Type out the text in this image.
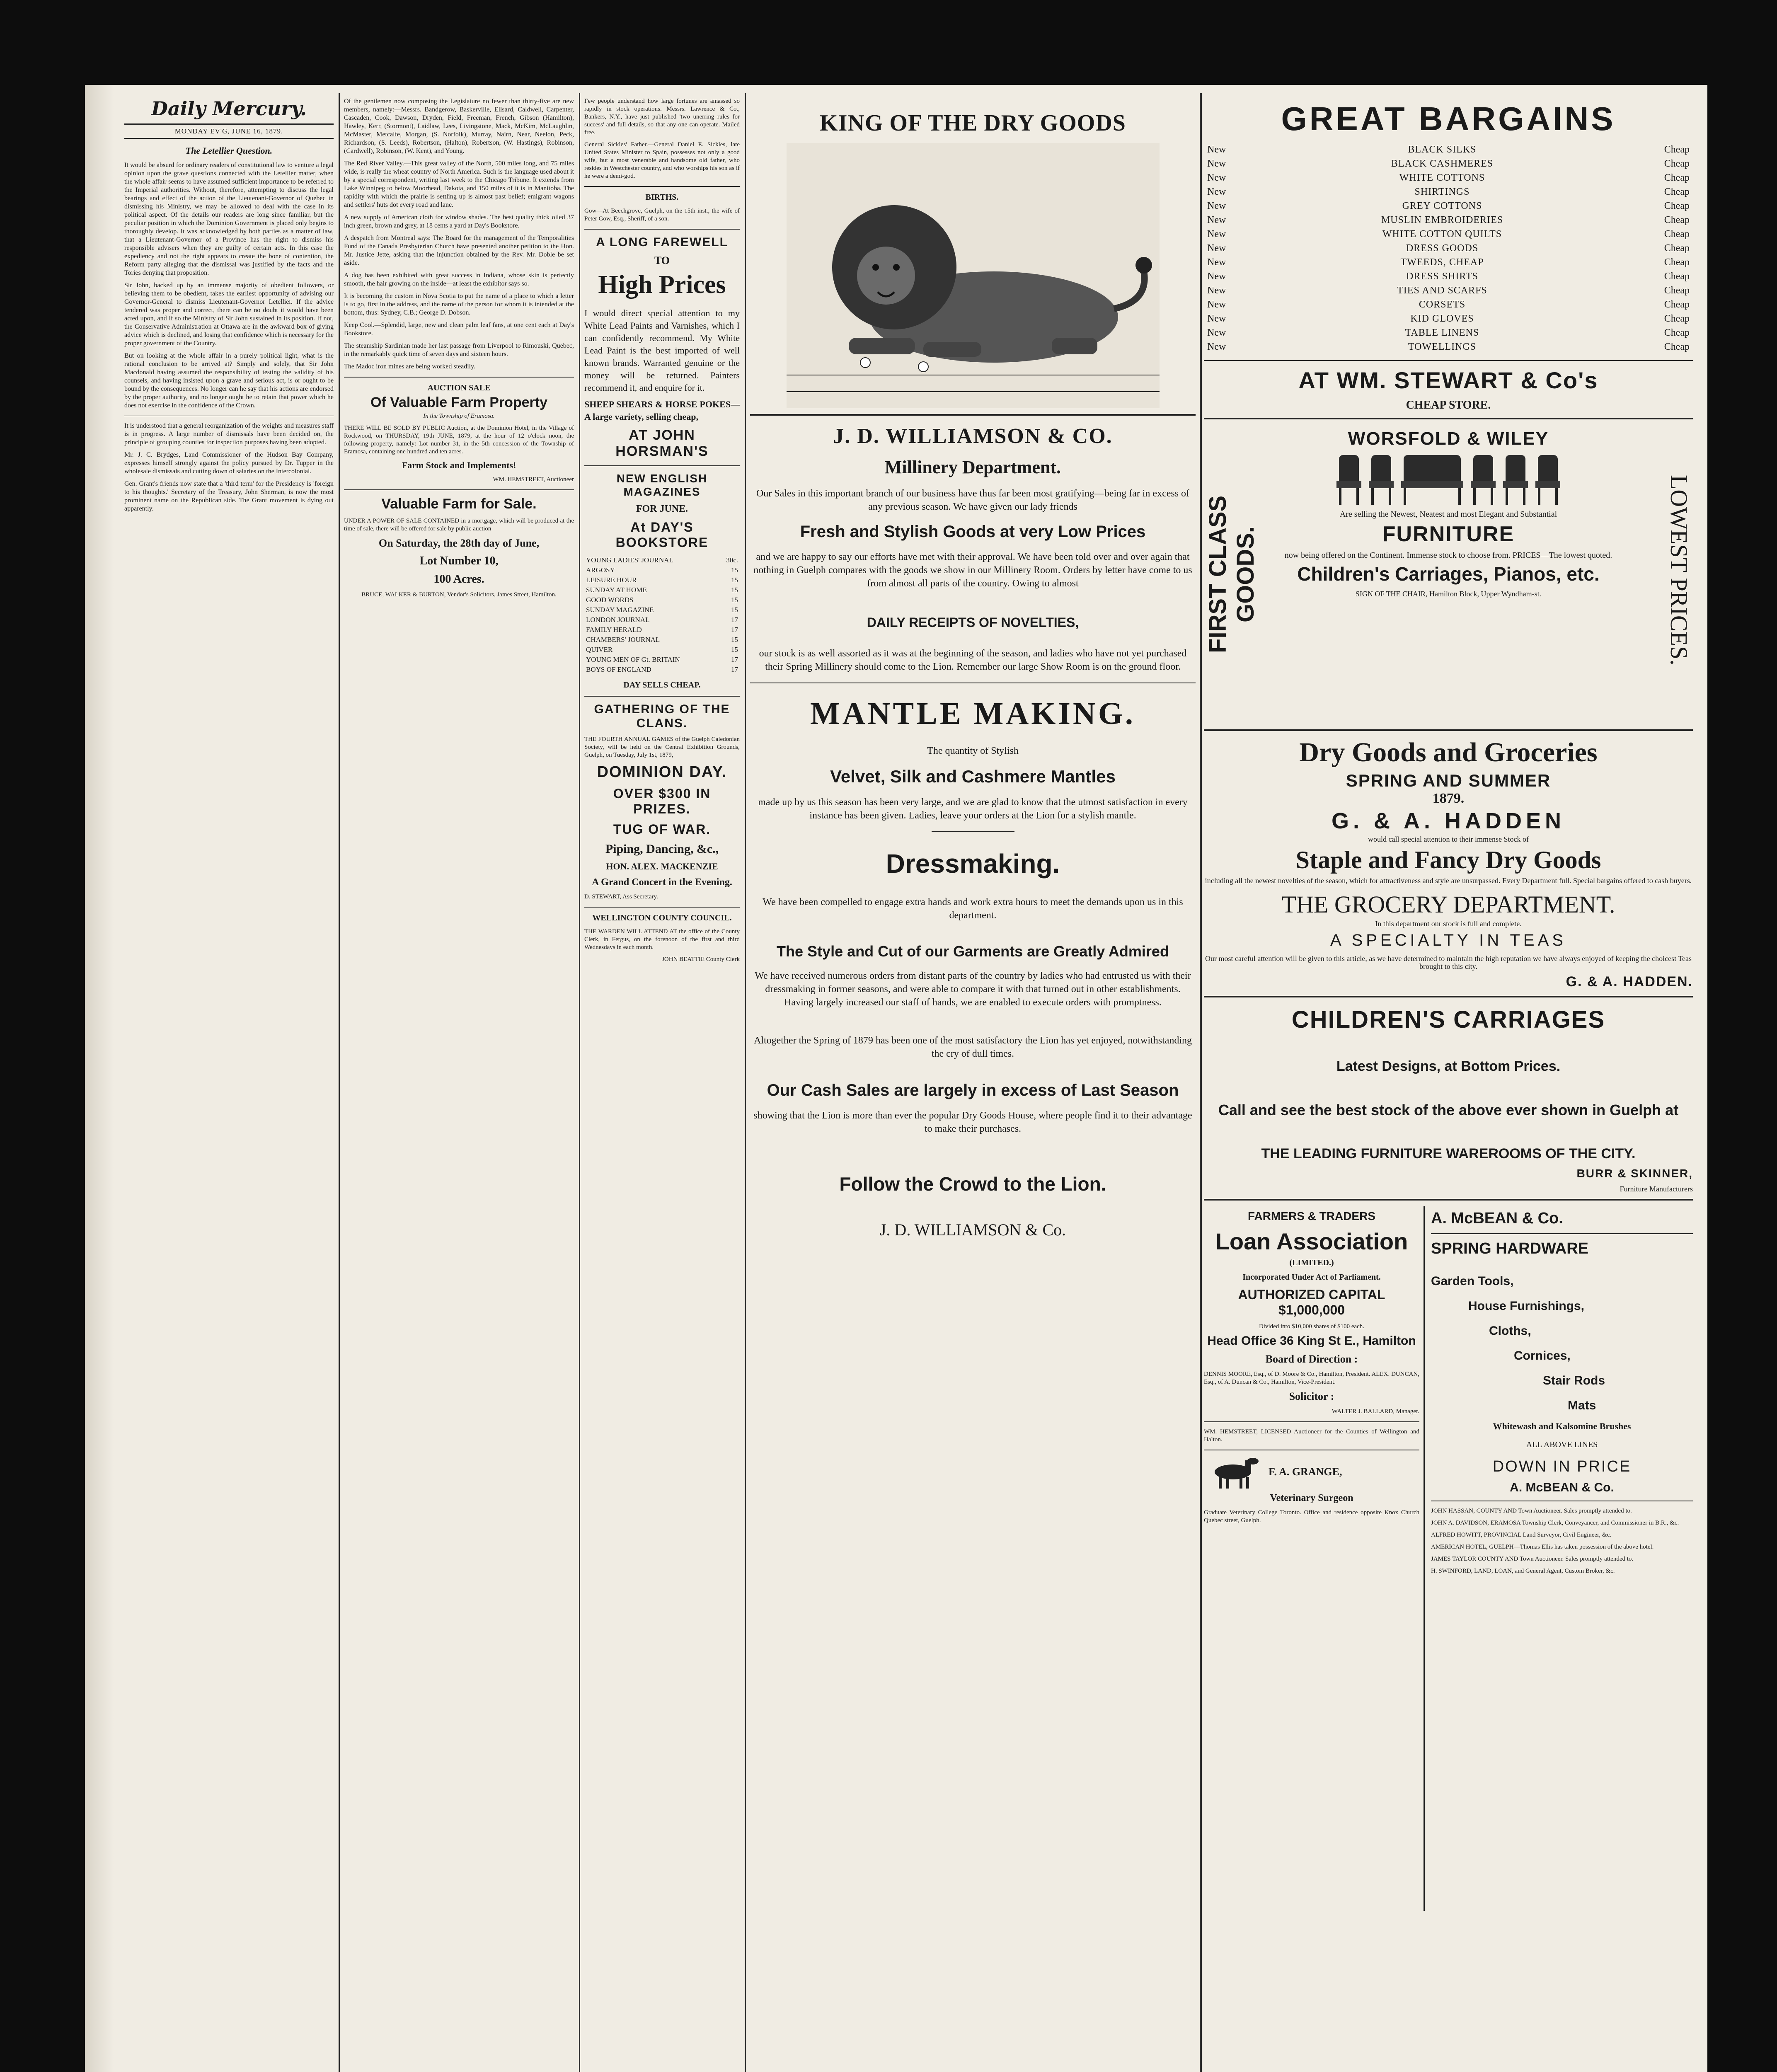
Daily Mercury.
MONDAY EV'G, JUNE 16, 1879.
The Letellier Question.

It would be absurd for ordinary readers of constitutional law to venture a legal opinion upon the grave questions connected with the Letellier matter, when the whole affair seems to have assumed sufficient importance to be referred to the Imperial authorities. Without, therefore, attempting to discuss the legal bearings and effect of the action of the Lieutenant-Governor of Quebec in dismissing his Ministry, we may be allowed to deal with the case in its political aspect. Of the details our readers are long since familiar, but the peculiar position in which the Dominion Government is placed only begins to thoroughly develop. It was acknowledged by both parties as a matter of law, that a Lieutenant-Governor of a Province has the right to dismiss his responsible advisers when they are guilty of certain acts. In this case the expediency and not the right appears to create the bone of contention, the Reform party alleging that the dismissal was justified by the facts and the Tories denying that proposition.

Sir John, backed up by an immense majority of obedient followers, or believing them to be obedient, takes the earliest opportunity of advising our Governor-General to dismiss Lieutenant-Governor Letellier. If the advice tendered was proper and correct, there can be no doubt it would have been acted upon, and if so the Ministry of Sir John sustained in its position. If not, the Conservative Administration at Ottawa are in the awkward box of giving advice which is declined, and losing that confidence which is necessary for the proper government of the Country.

But on looking at the whole affair in a purely political light, what is the rational conclusion to be arrived at? Simply and solely, that Sir John Macdonald having assumed the responsibility of testing the validity of his counsels, and having insisted upon a grave and serious act, is or ought to be bound by the consequences. No longer can he say that his actions are endorsed by the proper authority, and no longer ought he to retain that power which he does not exercise in the confidence of the Crown.

It is understood that a general reorganization of the weights and measures staff is in progress. A large number of dismissals have been decided on, the principle of grouping counties for inspection purposes having been adopted.

Mr. J. C. Brydges, Land Commissioner of the Hudson Bay Company, expresses himself strongly against the policy pursued by Dr. Tupper in the wholesale dismissals and cutting down of salaries on the Intercolonial.

Gen. Grant's friends now state that a 'third term' for the Presidency is 'foreign to his thoughts.' Secretary of the Treasury, John Sherman, is now the most prominent name on the Republican side. The Grant movement is dying out apparently.

Of the gentlemen now composing the Legislature no fewer than thirty-five are new members, namely:—Messrs. Bandgerow, Baskerville, Ellsard, Caldwell, Carpenter, Cascaden, Cook, Dawson, Dryden, Field, Freeman, French, Gibson (Hamilton), Hawley, Kerr, (Stormont), Laidlaw, Lees, Livingstone, Mack, McKim, McLaughlin, McMaster, Metcalfe, Morgan, (S. Norfolk), Murray, Nairn, Near, Neelon, Peck, Richardson, (S. Leeds), Robertson, (Halton), Robertson, (W. Hastings), Robinson, (Cardwell), Robinson, (W. Kent), and Young.

The Red River Valley.—This great valley of the North, 500 miles long, and 75 miles wide, is really the wheat country of North America. Such is the language used about it by a special correspondent, writing last week to the Chicago Tribune. It extends from Lake Winnipeg to below Moorhead, Dakota, and 150 miles of it is in Manitoba. The rapidity with which the prairie is settling up is almost past belief; emigrant wagons and settlers' huts dot every road and lane.

A new supply of American cloth for window shades. The best quality thick oiled 37 inch green, brown and grey, at 18 cents a yard at Day's Bookstore.

A despatch from Montreal says: The Board for the management of the Temporalities Fund of the Canada Presbyterian Church have presented another petition to the Hon. Mr. Justice Jette, asking that the injunction obtained by the Rev. Mr. Doble be set aside.

A dog has been exhibited with great success in Indiana, whose skin is perfectly smooth, the hair growing on the inside—at least the exhibitor says so.

It is becoming the custom in Nova Scotia to put the name of a place to which a letter is to go, first in the address, and the name of the person for whom it is intended at the bottom, thus: Sydney, C.B.; George D. Dobson.

Keep Cool.—Splendid, large, new and clean palm leaf fans, at one cent each at Day's Bookstore.

The steamship Sardinian made her last passage from Liverpool to Rimouski, Quebec, in the remarkably quick time of seven days and sixteen hours.

The Madoc iron mines are being worked steadily.

AUCTION SALE
Of Valuable Farm Property
In the Township of Eramosa.

THERE WILL BE SOLD BY PUBLIC Auction, at the Dominion Hotel, in the Village of Rockwood, on THURSDAY, 19th JUNE, 1879, at the hour of 12 o'clock noon, the following property, namely: Lot number 31, in the 5th concession of the Township of Eramosa, containing one hundred and ten acres.

Farm Stock and Implements!
WM. HEMSTREET, Auctioneer
Valuable Farm for Sale.

UNDER A POWER OF SALE CONTAINED in a mortgage, which will be produced at the time of sale, there will be offered for sale by public auction

On Saturday, the 28th day of June,
Lot Number 10,
100 Acres.
BRUCE, WALKER & BURTON, Vendor's Solicitors, James Street, Hamilton.

Few people understand how large fortunes are amassed so rapidly in stock operations. Messrs. Lawrence & Co., Bankers, N.Y., have just published 'two unerring rules for success' and full details, so that any one can operate. Mailed free.

General Sickles' Father.—General Daniel E. Sickles, late United States Minister to Spain, possesses not only a good wife, but a most venerable and handsome old father, who resides in Westchester country, and who worships his son as if he were a demi-god.

BIRTHS.

Gow—At Beechgrove, Guelph, on the 15th inst., the wife of Peter Gow, Esq., Sheriff, of a son.

A LONG FAREWELL
TO
High Prices

I would direct special attention to my White Lead Paints and Varnishes, which I can confidently recommend. My White Lead Paint is the best imported of well known brands. Warranted genuine or the money will be returned. Painters recommend it, and enquire for it.

SHEEP SHEARS & HORSE POKES—A large variety, selling cheap,

AT JOHN HORSMAN'S
NEW ENGLISH MAGAZINES
FOR JUNE.
At DAY'S BOOKSTORE
YOUNG LADIES' JOURNAL	30c.
ARGOSY	15
LEISURE HOUR	15
SUNDAY AT HOME	15
GOOD WORDS	15
SUNDAY MAGAZINE	15
LONDON JOURNAL	17
FAMILY HERALD	17
CHAMBERS' JOURNAL	15
QUIVER	15
YOUNG MEN OF Gt. BRITAIN	17
BOYS OF ENGLAND	17
DAY SELLS CHEAP.
GATHERING OF THE CLANS.

THE FOURTH ANNUAL GAMES of the Guelph Caledonian Society, will be held on the Central Exhibition Grounds, Guelph, on Tuesday, July 1st, 1879,

DOMINION DAY.
OVER $300 IN PRIZES.
TUG OF WAR.
Piping, Dancing, &c.,
HON. ALEX. MACKENZIE
A Grand Concert in the Evening.
D. STEWART, Ass Secretary.
WELLINGTON COUNTY COUNCIL.

THE WARDEN WILL ATTEND AT the office of the County Clerk, in Fergus, on the forenoon of the first and third Wednesdays in each month.

JOHN BEATTIE County Clerk
KING OF THE DRY GOODS
J. D. WILLIAMSON & CO.
Millinery Department.
Our Sales in this important branch of our business have thus far been most gratifying—being far in excess of any previous season. We have given our lady friends
Fresh and Stylish Goods at very Low Prices
and we are happy to say our efforts have met with their approval. We have been told over and over again that nothing in Guelph compares with the goods we show in our Millinery Room. Orders by letter have come to us from almost all parts of the country. Owing to almost
DAILY RECEIPTS OF NOVELTIES,
our stock is as well assorted as it was at the beginning of the season, and ladies who have not yet purchased their Spring Millinery should come to the Lion. Remember our large Show Room is on the ground floor.
MANTLE MAKING.
The quantity of Stylish
Velvet, Silk and Cashmere Mantles
made up by us this season has been very large, and we are glad to know that the utmost satisfaction in every instance has been given. Ladies, leave your orders at the Lion for a stylish mantle.
Dressmaking.
We have been compelled to engage extra hands and work extra hours to meet the demands upon us in this department.
The Style and Cut of our Garments are Greatly Admired
We have received numerous orders from distant parts of the country by ladies who had entrusted us with their dressmaking in former seasons, and were able to compare it with that turned out in other establishments. Having largely increased our staff of hands, we are enabled to execute orders with promptness.
Altogether the Spring of 1879 has been one of the most satisfactory the Lion has yet enjoyed, notwithstanding the cry of dull times.
Our Cash Sales are largely in excess of Last Season
showing that the Lion is more than ever the popular Dry Goods House, where people find it to their advantage to make their purchases.
Follow the Crowd to the Lion.
J. D. WILLIAMSON & Co.
GREAT BARGAINS
New	BLACK SILKS	Cheap
New	BLACK CASHMERES	Cheap
New	WHITE COTTONS	Cheap
New	SHIRTINGS	Cheap
New	GREY COTTONS	Cheap
New	MUSLIN EMBROIDERIES	Cheap
New	WHITE COTTON QUILTS	Cheap
New	DRESS GOODS	Cheap
New	TWEEDS, CHEAP	Cheap
New	DRESS SHIRTS	Cheap
New	TIES AND SCARFS	Cheap
New	CORSETS	Cheap
New	KID GLOVES	Cheap
New	TABLE LINENS	Cheap
New	TOWELLINGS	Cheap
AT WM. STEWART & Co's
CHEAP STORE.
FIRST CLASS GOODS.	LOWEST PRICES.
WORSFOLD & WILEY
Are selling the Newest, Neatest and most Elegant and Substantial
FURNITURE
now being offered on the Continent. Immense stock to choose from. PRICES—The lowest quoted.
Children's Carriages, Pianos, etc.
SIGN OF THE CHAIR, Hamilton Block, Upper Wyndham-st.
Dry Goods and Groceries
SPRING AND SUMMER
1879.
G. & A. HADDEN
would call special attention to their immense Stock of
Staple and Fancy Dry Goods
including all the newest novelties of the season, which for attractiveness and style are unsurpassed. Every Department full. Special bargains offered to cash buyers.
THE GROCERY DEPARTMENT.
In this department our stock is full and complete.
A SPECIALTY IN TEAS
Our most careful attention will be given to this article, as we have determined to maintain the high reputation we have always enjoyed of keeping the choicest Teas brought to this city.
G. & A. HADDEN.
CHILDREN'S CARRIAGES
Latest Designs, at Bottom Prices.
Call and see the best stock of the above ever shown in Guelph at
THE LEADING FURNITURE WAREROOMS OF THE CITY.
BURR & SKINNER,
Furniture Manufacturers
FARMERS & TRADERS
Loan Association
(LIMITED.)
Incorporated Under Act of Parliament.
AUTHORIZED CAPITAL $1,000,000
Divided into $10,000 shares of $100 each.
Head Office 36 King St E., Hamilton
Board of Direction :

DENNIS MOORE, Esq., of D. Moore & Co., Hamilton, President. ALEX. DUNCAN, Esq., of A. Duncan & Co., Hamilton, Vice-President.

Solicitor :
WALTER J. BALLARD, Manager.

WM. HEMSTREET, LICENSED Auctioneer for the Counties of Wellington and Halton.

F. A. GRANGE,
Veterinary Surgeon

Graduate Veterinary College Toronto. Office and residence opposite Knox Church Quebec street, Guelph.

A. McBEAN & Co.
SPRING HARDWARE
Garden Tools,
House Furnishings,
Cloths,
Cornices,
Stair Rods
Mats
Whitewash and Kalsomine Brushes
ALL ABOVE LINES
DOWN IN PRICE
A. McBEAN & Co.

JOHN HASSAN, COUNTY AND Town Auctioneer. Sales promptly attended to.

JOHN A. DAVIDSON, ERAMOSA Township Clerk, Conveyancer, and Commissioner in B.R., &c.

ALFRED HOWITT, PROVINCIAL Land Surveyor, Civil Engineer, &c.

AMERICAN HOTEL, GUELPH—Thomas Ellis has taken possession of the above hotel.

JAMES TAYLOR COUNTY AND Town Auctioneer. Sales promptly attended to.

H. SWINFORD, LAND, LOAN, and General Agent, Custom Broker, &c.
